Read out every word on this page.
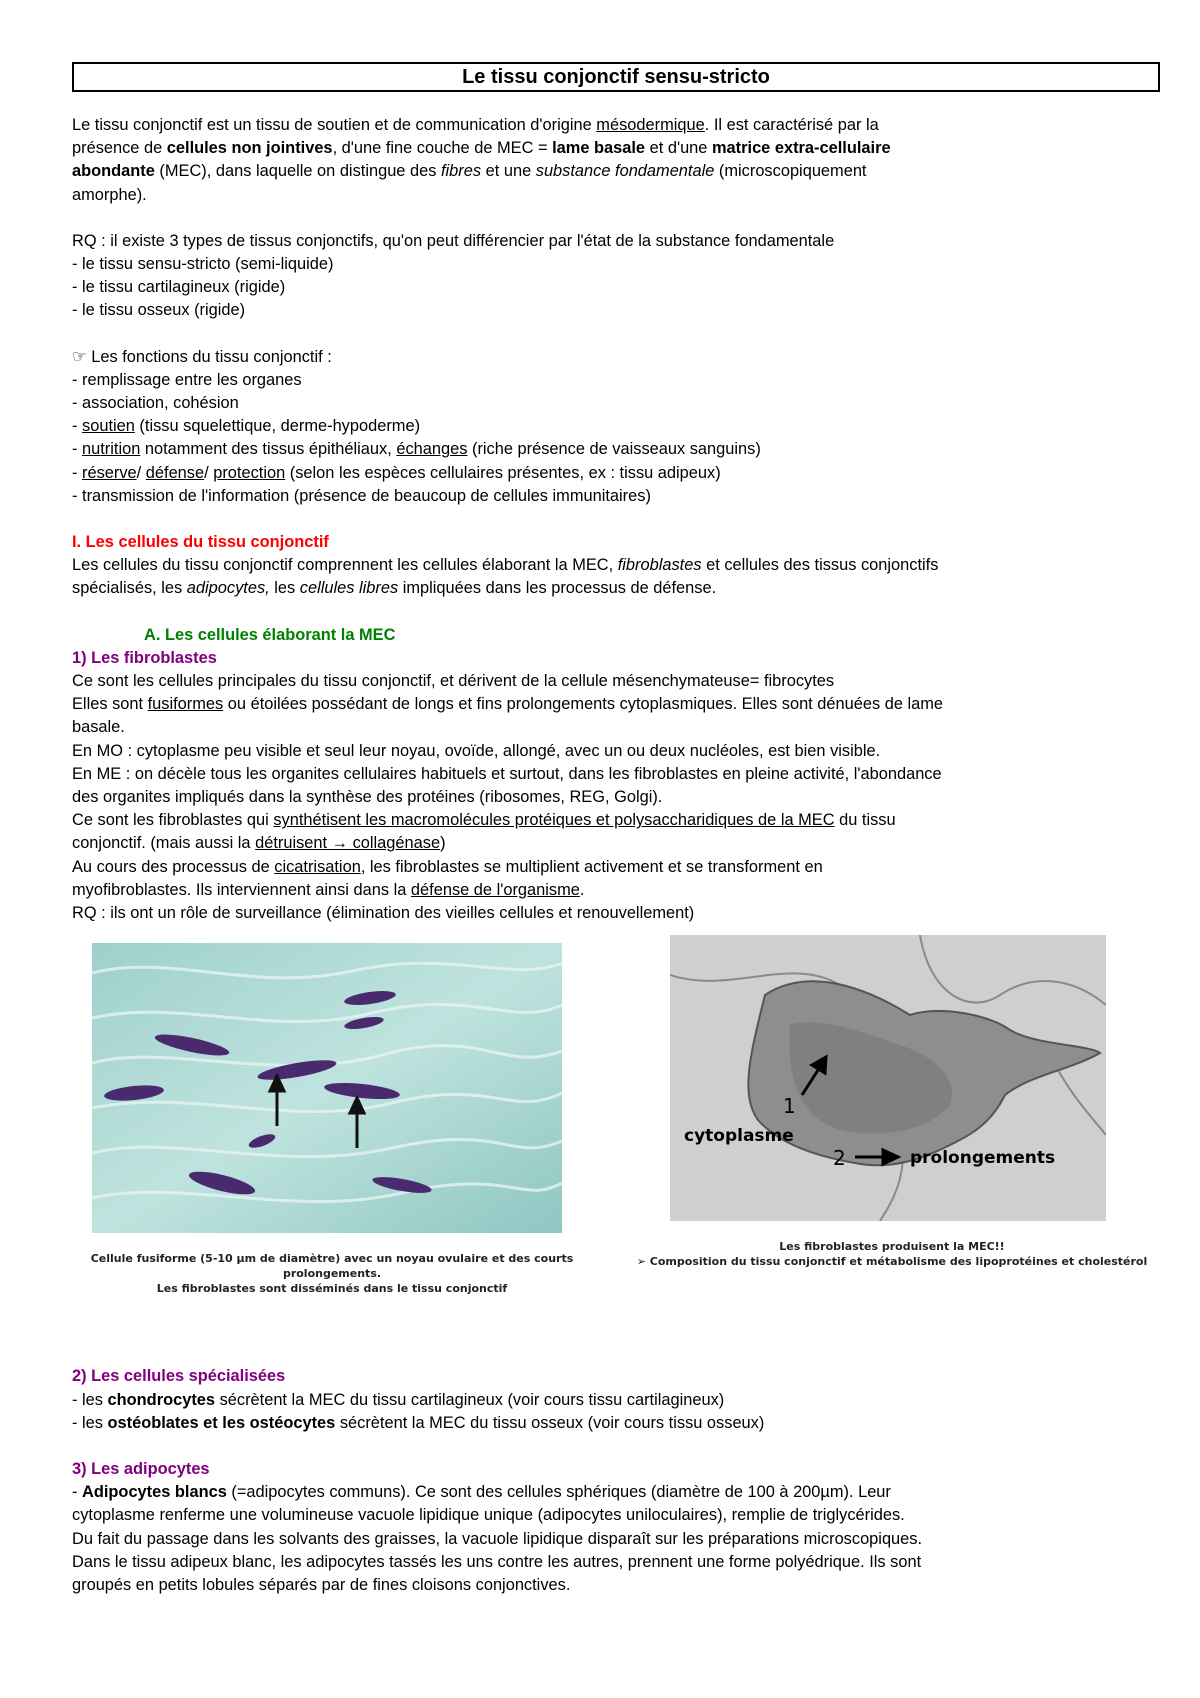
Le tissu conjonctif sensu-stricto
Le tissu conjonctif est un tissu de soutien et de communication d'origine mésodermique. Il est caractérisé par la
présence de cellules non jointives, d'une fine couche de MEC = lame basale et d'une matrice extra-cellulaire
abondante (MEC), dans laquelle on distingue des fibres et une substance fondamentale (microscopiquement
amorphe).
RQ : il existe 3 types de tissus conjonctifs, qu'on peut différencier par l'état de la substance fondamentale
- le tissu sensu-stricto (semi-liquide)
- le tissu cartilagineux (rigide)
- le tissu osseux (rigide)
☞ Les fonctions du tissu conjonctif :
- remplissage entre les organes
- association, cohésion
- soutien (tissu squelettique, derme-hypoderme)
- nutrition notamment des tissus épithéliaux, échanges (riche présence de vaisseaux sanguins)
- réserve/ défense/ protection (selon les espèces cellulaires présentes, ex : tissu adipeux)
- transmission de l'information (présence de beaucoup de cellules immunitaires)
I. Les cellules du tissu conjonctif
Les cellules du tissu conjonctif comprennent les cellules élaborant la MEC, fibroblastes et cellules des tissus conjonctifs
spécialisés, les adipocytes, les cellules libres impliquées dans les processus de défense.
A. Les cellules élaborant la MEC
1) Les fibroblastes
Ce sont les cellules principales du tissu conjonctif, et dérivent de la cellule mésenchymateuse= fibrocytes
Elles sont fusiformes ou étoilées possédant de longs et fins prolongements cytoplasmiques. Elles sont dénuées de lame
basale.
En MO : cytoplasme peu visible et seul leur noyau, ovoïde, allongé, avec un ou deux nucléoles, est bien visible.
En ME : on décèle tous les organites cellulaires habituels et surtout, dans les fibroblastes en pleine activité, l'abondance
des organites impliqués dans la synthèse des protéines (ribosomes, REG, Golgi).
Ce sont les fibroblastes qui synthétisent les macromolécules protéiques et polysaccharidiques de la MEC du tissu
conjonctif. (mais aussi la détruisent → collagénase)
Au cours des processus de cicatrisation, les fibroblastes se multiplient activement et se transforment en
myofibroblastes. Ils interviennent ainsi dans la défense de l'organisme.
RQ : ils ont un rôle de surveillance (élimination des vieilles cellules et renouvellement)
1
2
cytoplasme
prolongements
Cellule fusiforme (5-10 µm de diamètre) avec un noyau ovulaire et des courts prolongements.
Les fibroblastes sont disséminés dans le tissu conjonctif
Les fibroblastes produisent la MEC!!
➢ Composition du tissu conjonctif et métabolisme des lipoprotéines et cholestérol
2) Les cellules spécialisées
- les chondrocytes sécrètent la MEC du tissu cartilagineux (voir cours tissu cartilagineux)
- les ostéoblates et les ostéocytes sécrètent la MEC du tissu osseux (voir cours tissu osseux)
3) Les adipocytes
- Adipocytes blancs (=adipocytes communs). Ce sont des cellules sphériques (diamètre de 100 à 200µm). Leur
cytoplasme renferme une volumineuse vacuole lipidique unique (adipocytes uniloculaires), remplie de triglycérides.
Du fait du passage dans les solvants des graisses, la vacuole lipidique disparaît sur les préparations microscopiques.
Dans le tissu adipeux blanc, les adipocytes tassés les uns contre les autres, prennent une forme polyédrique. Ils sont
groupés en petits lobules séparés par de fines cloisons conjonctives.
